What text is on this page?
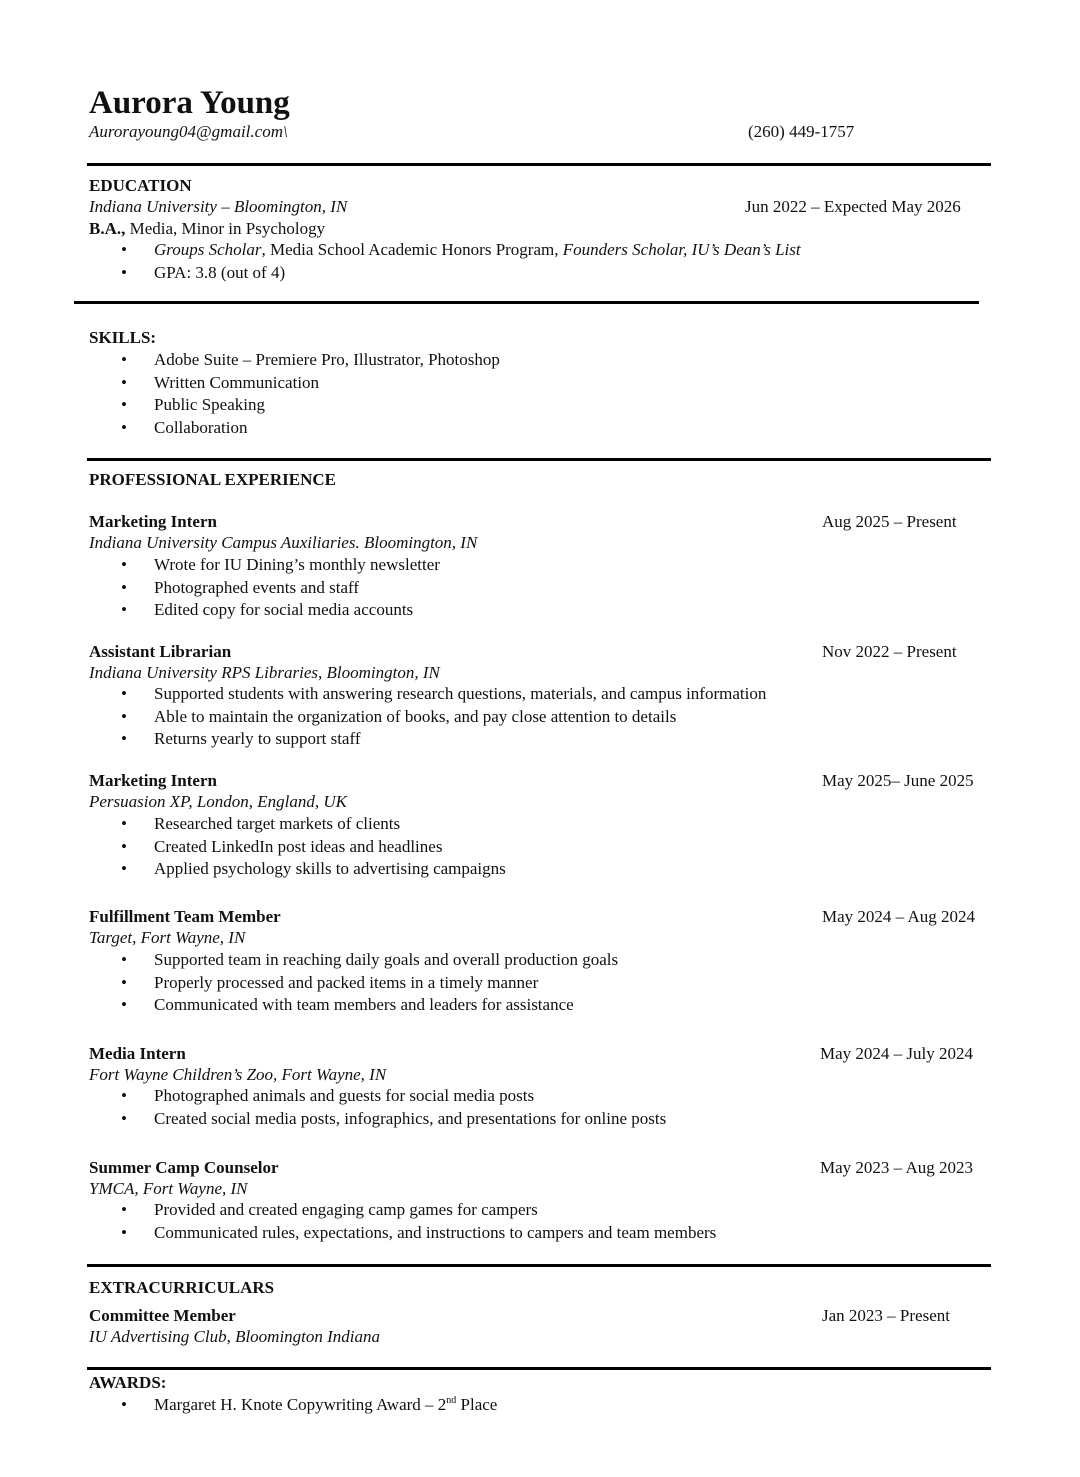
Aurora Young
Aurorayoung04@gmail.com\	(260) 449-1757
EDUCATION
Indiana University – Bloomington, IN	Jun 2022 – Expected May 2026
B.A., Media, Minor in Psychology
• Groups Scholar, Media School Academic Honors Program, Founders Scholar, IU’s Dean’s List
• GPA: 3.8 (out of 4)
SKILLS:
• Adobe Suite – Premiere Pro, Illustrator, Photoshop
• Written Communication
• Public Speaking
• Collaboration
PROFESSIONAL EXPERIENCE
Marketing Intern	Aug 2025 – Present
Indiana University Campus Auxiliaries. Bloomington, IN
• Wrote for IU Dining’s monthly newsletter
• Photographed events and staff
• Edited copy for social media accounts
Assistant Librarian	Nov 2022 – Present
Indiana University RPS Libraries, Bloomington, IN
• Supported students with answering research questions, materials, and campus information
• Able to maintain the organization of books, and pay close attention to details
• Returns yearly to support staff
Marketing Intern	May 2025– June 2025
Persuasion XP, London, England, UK
• Researched target markets of clients
• Created LinkedIn post ideas and headlines
• Applied psychology skills to advertising campaigns
Fulfillment Team Member	May 2024 – Aug 2024
Target, Fort Wayne, IN
• Supported team in reaching daily goals and overall production goals
• Properly processed and packed items in a timely manner
• Communicated with team members and leaders for assistance
Media Intern	May 2024 – July 2024
Fort Wayne Children’s Zoo, Fort Wayne, IN
• Photographed animals and guests for social media posts
• Created social media posts, infographics, and presentations for online posts
Summer Camp Counselor	May 2023 – Aug 2023
YMCA, Fort Wayne, IN
• Provided and created engaging camp games for campers
• Communicated rules, expectations, and instructions to campers and team members
EXTRACURRICULARS
Committee Member	Jan 2023 – Present
IU Advertising Club, Bloomington Indiana
AWARDS:
• Margaret H. Knote Copywriting Award – 2nd Place
